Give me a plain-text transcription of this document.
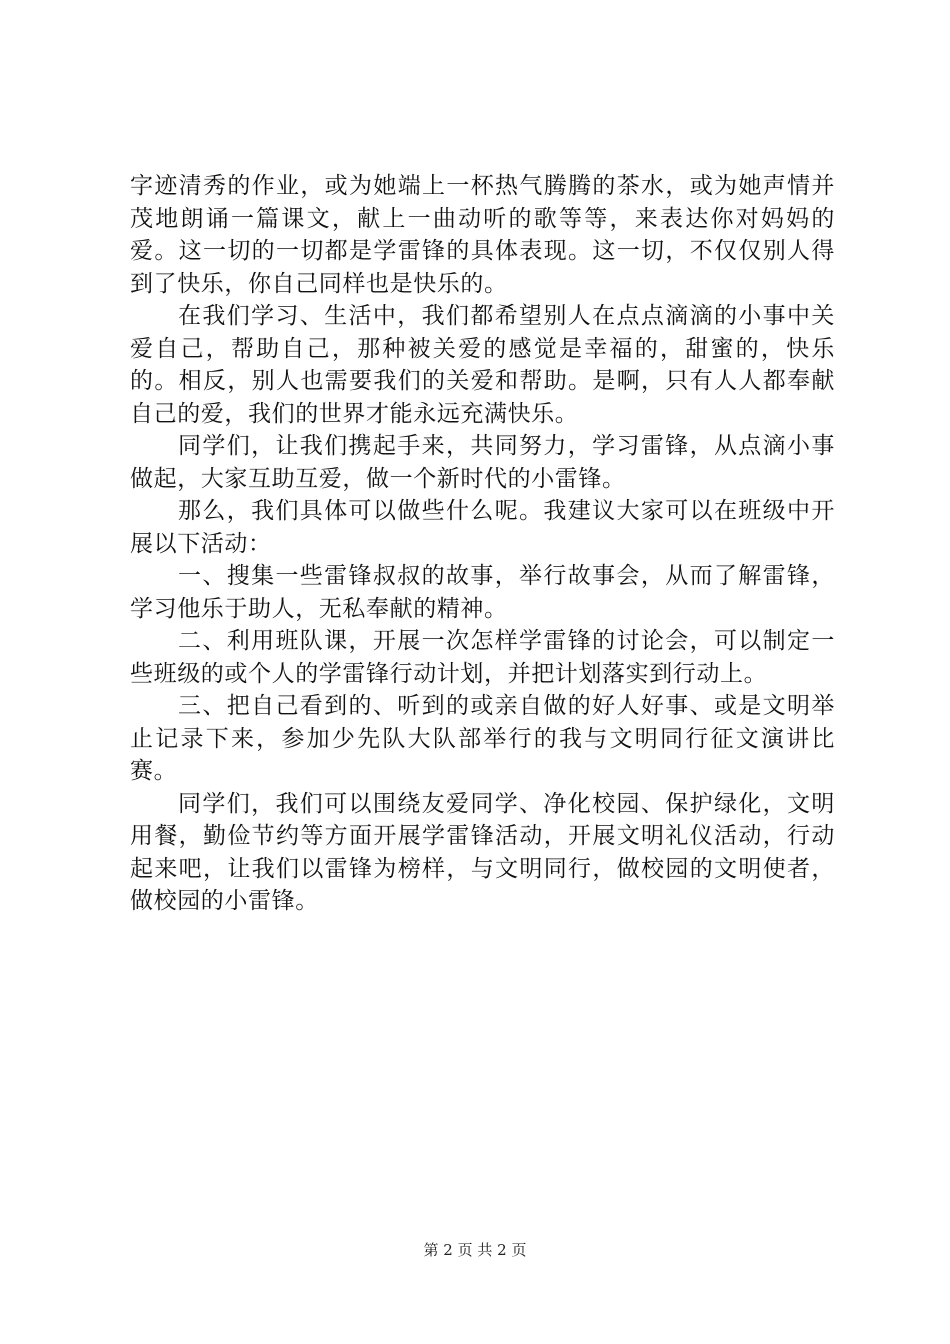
字迹清秀的作业，或为她端上一杯热气腾腾的茶水，或为她声情并茂地朗诵一篇课文，献上一曲动听的歌等等，来表达你对妈妈的爱。这一切的一切都是学雷锋的具体表现。这一切，不仅仅别人得到了快乐，你自己同样也是快乐的。

在我们学习、生活中，我们都希望别人在点点滴滴的小事中关爱自己，帮助自己，那种被关爱的感觉是幸福的，甜蜜的，快乐的。相反，别人也需要我们的关爱和帮助。是啊，只有人人都奉献自己的爱，我们的世界才能永远充满快乐。

同学们，让我们携起手来，共同努力，学习雷锋，从点滴小事做起，大家互助互爱，做一个新时代的小雷锋。

那么，我们具体可以做些什么呢。我建议大家可以在班级中开展以下活动：

一、搜集一些雷锋叔叔的故事，举行故事会，从而了解雷锋，学习他乐于助人，无私奉献的精神。

二、利用班队课，开展一次怎样学雷锋的讨论会，可以制定一些班级的或个人的学雷锋行动计划，并把计划落实到行动上。

三、把自己看到的、听到的或亲自做的好人好事、或是文明举止记录下来，参加少先队大队部举行的我与文明同行征文演讲比赛。

同学们，我们可以围绕友爱同学、净化校园、保护绿化，文明用餐，勤俭节约等方面开展学雷锋活动，开展文明礼仪活动，行动起来吧，让我们以雷锋为榜样，与文明同行，做校园的文明使者，做校园的小雷锋。

第 2 页 共 2 页
